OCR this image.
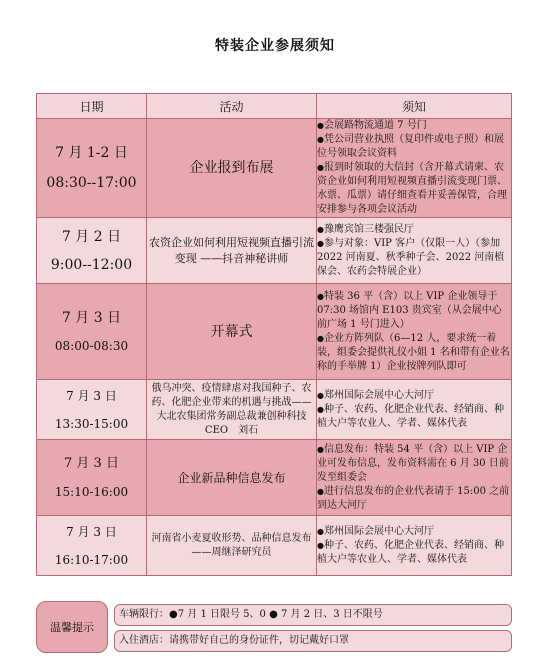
特装企业参展须知
日期	活动	须知

7 月 1-2 日
08:30--17:00	企业报到布展	●会展路物流通道 7 号门
●凭公司营业执照（复印件或电子照）和展位号领取会议资料
●报到时领取的大信封（含开幕式请柬、农资企业如何利用短视频直播引流变现门票、水票、瓜票）请仔细查看并妥善保管，合理安排参与各项会议活动

7 月 2 日
9:00--12:00	农资企业如何利用短视频直播引流变现 ——抖音神秘讲师	●豫鹰宾馆三楼强民厅
●参与对象：VIP 客户（仅限一人）（参加 2022 河南夏、秋季种子会、2022 河南植保会、农药会特展企业）

7 月 3 日
08:00-08:30	开幕式	●特装 36 平（含）以上 VIP 企业领导于 07:30 场馆内 E103 贵宾室（从会展中心前广场 1 号门进入）
●企业方阵列队（6—12 人，要求统一着装，组委会提供礼仪小姐 1 名和带有企业名称的手举牌 1）企业按牌列队即可

7 月 3 日
13:30-15:00	俄乌冲突、疫情肆虐对我国种子、农药、化肥企业带来的机遇与挑战——大北农集团常务副总裁兼创种科技 CEO　刘石	●郑州国际会展中心大河厅
●种子、农药、化肥企业代表、经销商、种植大户等农业人、学者、媒体代表

7 月 3 日
15:10-16:00	企业新品种信息发布	●信息发布：特装 54 平（含）以上 VIP 企业可发布信息，发布资料需在 6 月 30 日前发至组委会
●进行信息发布的企业代表请于 15:00 之前到达大河厅

7 月 3 日
16:10-17:00	河南省小麦夏收形势、品种信息发布——周继泽研究员	●郑州国际会展中心大河厅
●种子、农药、化肥企业代表、经销商、种植大户等农业人、学者、媒体代表
温馨提示
车辆限行：●7 月 1 日限号 5、0 ● 7 月 2 日、3 日不限号
入住酒店：请携带好自己的身份证件，切记戴好口罩
